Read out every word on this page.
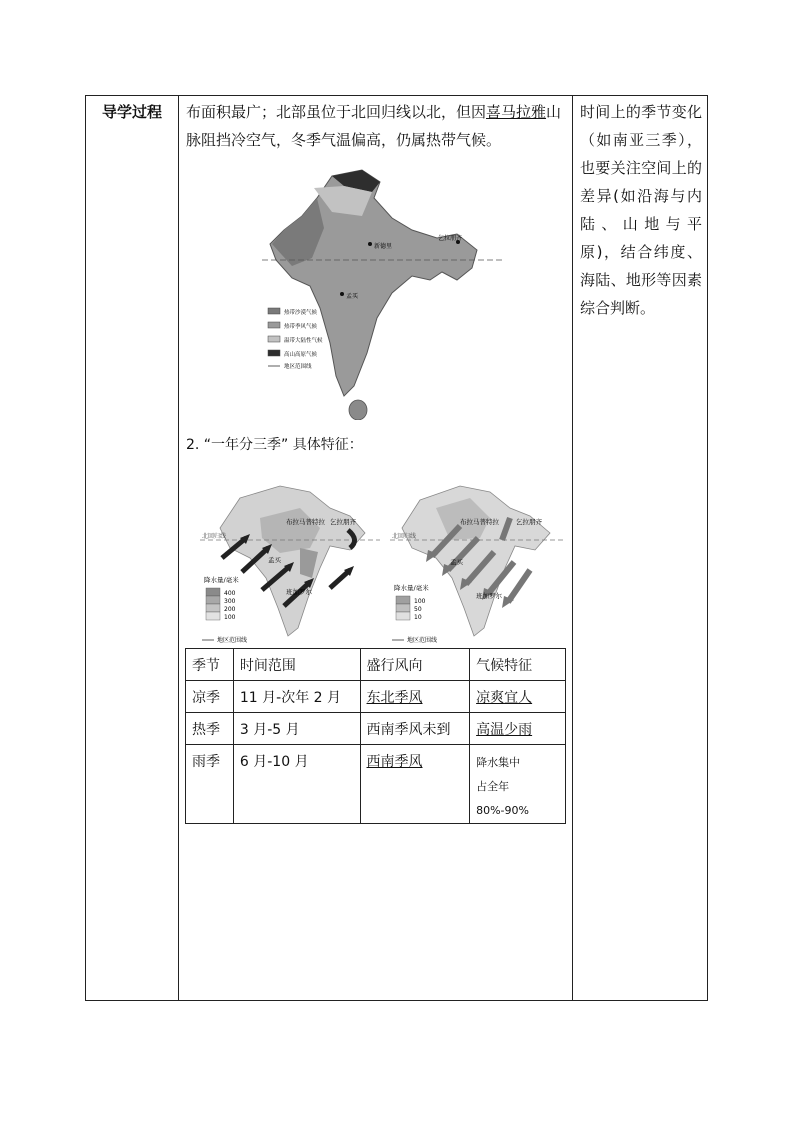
导学过程	布面积最广；北部虽位于北回归线以北，但因喜马拉雅山脉阻挡冷空气，冬季气温偏高，仍属热带气候。
新德里
乞拉朋齐
孟买
热带沙漠气候
热带季风气候
温带大陆性气候
高山高原气候
地区范围线
2. “一年分三季” 具体特征：
北回归线
布拉马普特拉 乞拉朋齐
孟买
班加罗尔
降水量/毫米
400
300
200
100
地区范围线
北回归线
布拉马普特拉	乞拉朋齐
孟买
班加罗尔
降水量/毫米
100
50
10
地区范围线
季节	时间范围	盛行风向	气候特征
凉季	11 月-次年 2 月	东北季风	凉爽宜人
热季	3 月-5 月	西南季风未到	高温少雨
雨季	6 月-10 月	西南季风	降水集中
占全年 80%-90%
时间上的季节变化（如南亚三季），也要关注空间上的差异(如沿海与内陆、山地与平原)，结合纬度、海陆、地形等因素综合判断。
